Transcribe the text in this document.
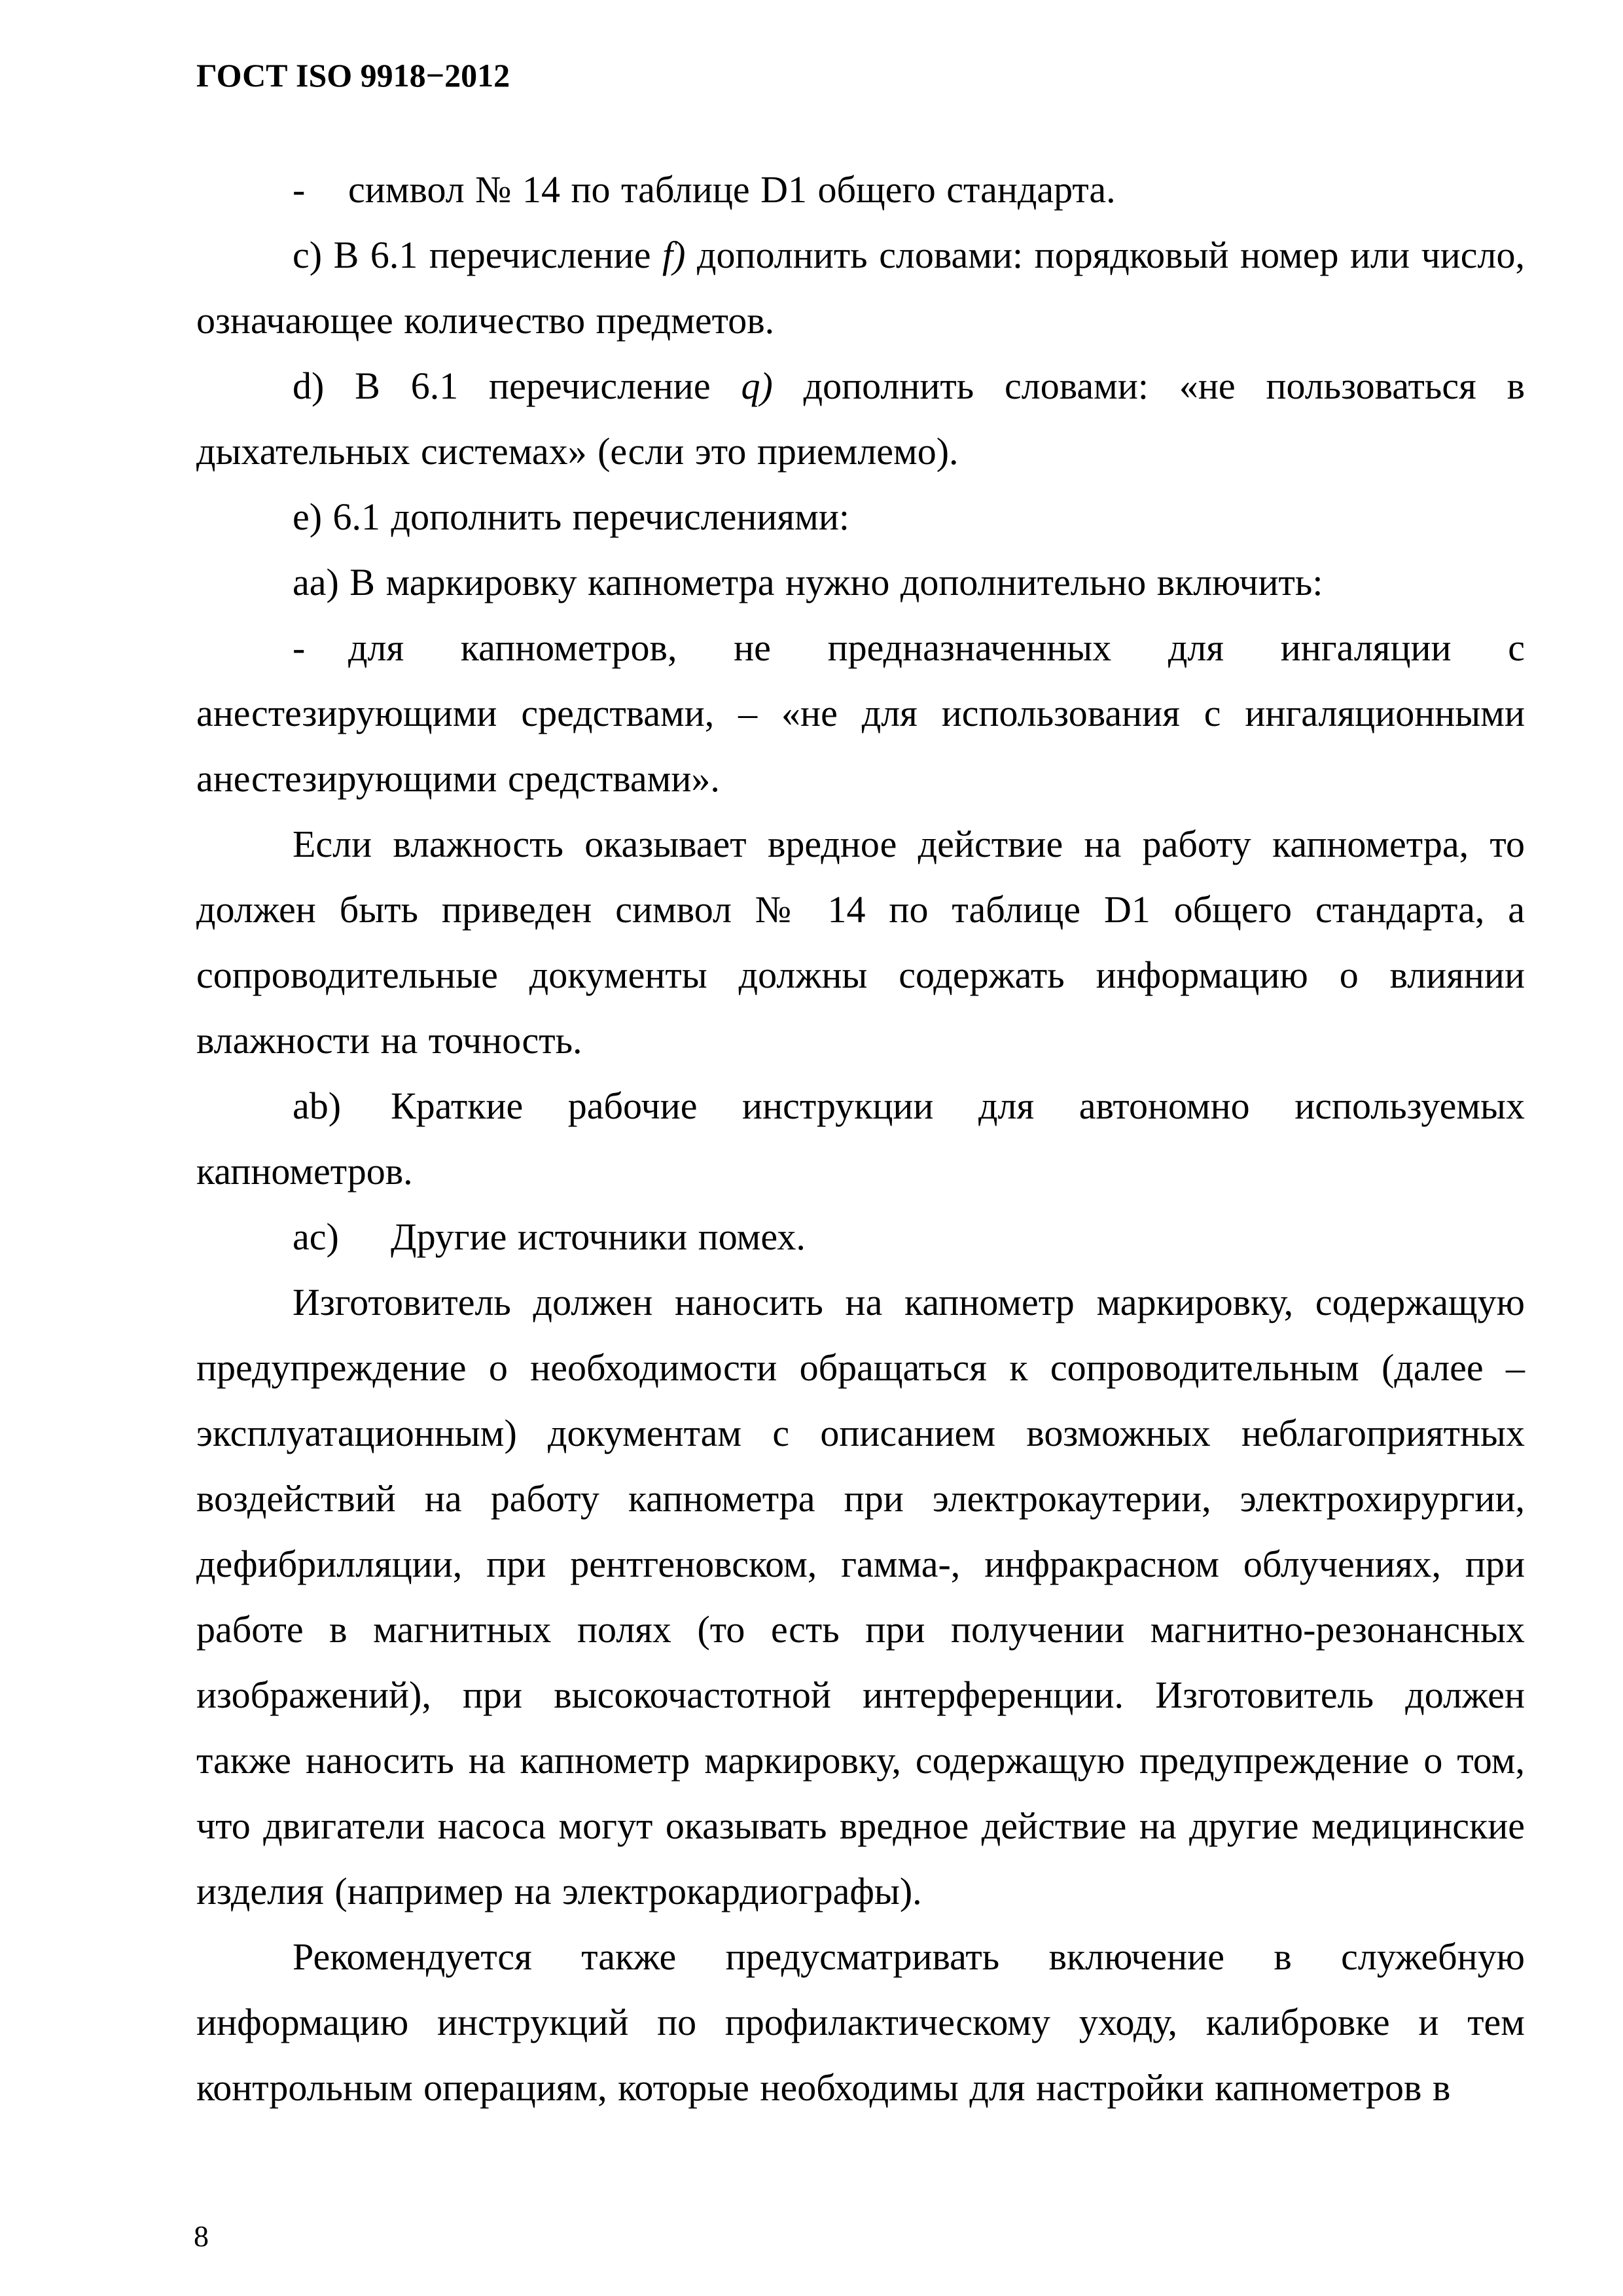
ГОСТ ISO 9918−2012

- символ № 14 по таблице D1 общего стандарта.

c) В 6.1 перечисление f) дополнить словами: порядковый номер или число, означающее количество предметов.

d) В 6.1 перечисление q) дополнить словами: «не пользоваться в дыхательных системах» (если это приемлемо).

e) 6.1 дополнить перечислениями:

aa) В маркировку капнометра нужно дополнительно включить:

- для капнометров, не предназначенных для ингаляции с анестезирующими средствами, – «не для использования с ингаляционными анестезирующими средствами».

Если влажность оказывает вредное действие на работу капнометра, то должен быть приведен символ № 14 по таблице D1 общего стандарта, а сопроводительные документы должны содержать информацию о влиянии влажности на точность.

ab) Краткие рабочие инструкции для автономно используемых капнометров.

ac) Другие источники помех.

Изготовитель должен наносить на капнометр маркировку, содержащую предупреждение о необходимости обращаться к сопроводительным (далее – эксплуатационным) документам с описанием возможных неблагоприятных воздействий на работу капнометра при электрокаутерии, электрохирургии, дефибрилляции, при рентгеновском, гамма-, инфракрасном облучениях, при работе в магнитных полях (то есть при получении магнитно-резонансных изображений), при высокочастотной интерференции. Изготовитель должен также наносить на капнометр маркировку, содержащую предупреждение о том, что двигатели насоса могут оказывать вредное действие на другие медицинские изделия (например на электрокардиографы).

Рекомендуется также предусматривать включение в служебную информацию инструкций по профилактическому уходу, калибровке и тем контрольным операциям, которые необходимы для настройки капнометров в

8
